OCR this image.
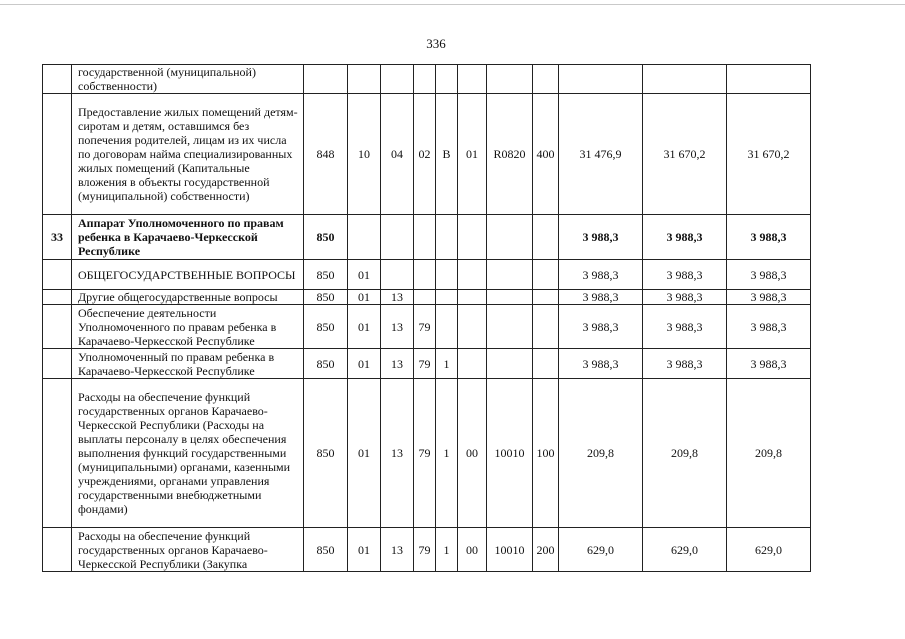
336
	государственной (муниципальной) собственности)											
	Предоставление жилых помещений детям-сиротам и детям, оставшимся без попечения родителей, лицам из их числа по договорам найма специализированных жилых помещений (Капитальные вложения в объекты государственной (муниципальной) собственности)	848	10	04	02	В	01	R0820	400	31 476,9	31 670,2	31 670,2
33	Аппарат Уполномоченного по правам ребенка в Карачаево-Черкесской Республике	850								3 988,3	3 988,3	3 988,3
	ОБЩЕГОСУДАРСТВЕННЫЕ ВОПРОСЫ	850	01							3 988,3	3 988,3	3 988,3
	Другие общегосударственные вопросы	850	01	13						3 988,3	3 988,3	3 988,3
	Обеспечение деятельности Уполномоченного по правам ребенка в Карачаево-Черкесской Республике	850	01	13	79					3 988,3	3 988,3	3 988,3
	Уполномоченный по правам ребенка в Карачаево-Черкесской Республике	850	01	13	79	1				3 988,3	3 988,3	3 988,3
	Расходы на обеспечение функций государственных органов Карачаево-Черкесской Республики (Расходы на выплаты персоналу в целях обеспечения выполнения функций государственными (муниципальными) органами, казенными учреждениями, органами управления государственными внебюджетными фондами)	850	01	13	79	1	00	10010	100	209,8	209,8	209,8
	Расходы на обеспечение функций государственных органов Карачаево-Черкесской Республики (Закупка	850	01	13	79	1	00	10010	200	629,0	629,0	629,0
